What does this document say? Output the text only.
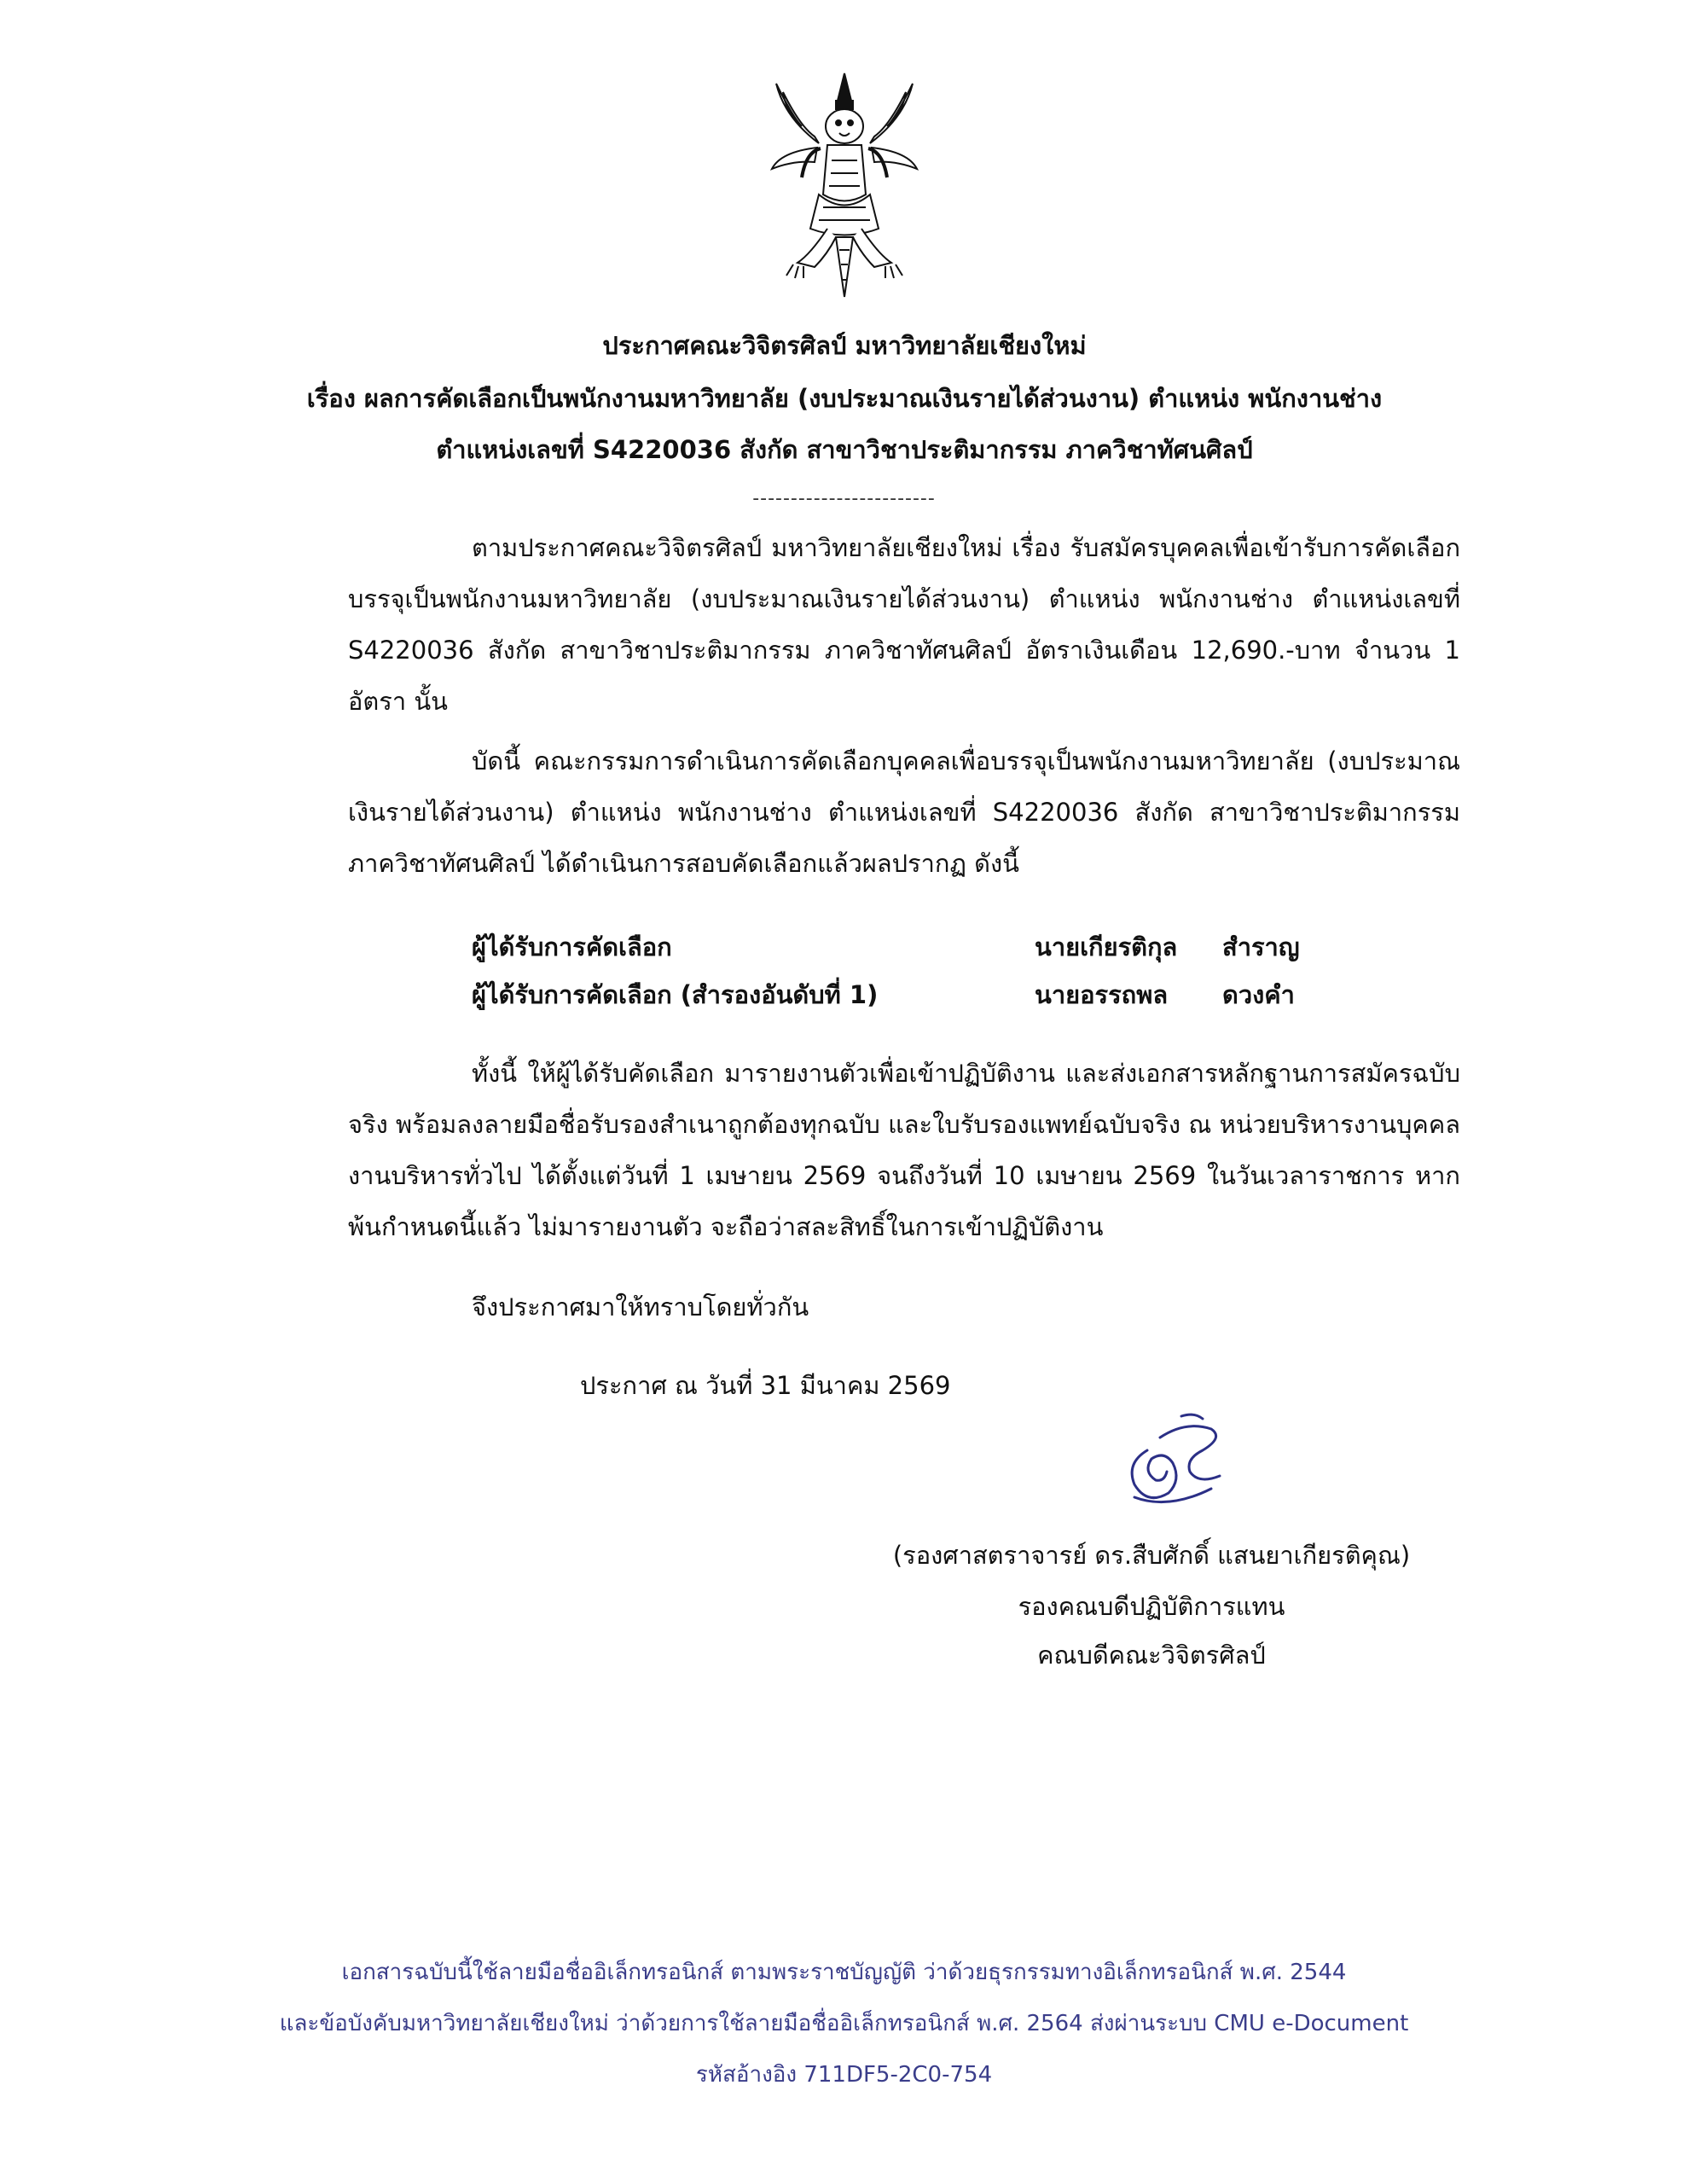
ประกาศคณะวิจิตรศิลป์ มหาวิทยาลัยเชียงใหม่
เรื่อง ผลการคัดเลือกเป็นพนักงานมหาวิทยาลัย (งบประมาณเงินรายได้ส่วนงาน) ตำแหน่ง พนักงานช่าง
ตำแหน่งเลขที่ S4220036 สังกัด สาขาวิชาประติมากรรม ภาควิชาทัศนศิลป์
------------------------
ตามประกาศคณะวิจิตรศิลป์ มหาวิทยาลัยเชียงใหม่ เรื่อง รับสมัครบุคคลเพื่อเข้ารับการคัดเลือกบรรจุเป็นพนักงานมหาวิทยาลัย (งบประมาณเงินรายได้ส่วนงาน) ตำแหน่ง พนักงานช่าง ตำแหน่งเลขที่ S4220036 สังกัด สาขาวิชาประติมากรรม ภาควิชาทัศนศิลป์ อัตราเงินเดือน 12,690.-บาท จำนวน 1 อัตรา นั้น
บัดนี้ คณะกรรมการดำเนินการคัดเลือกบุคคลเพื่อบรรจุเป็นพนักงานมหาวิทยาลัย (งบประมาณเงินรายได้ส่วนงาน) ตำแหน่ง พนักงานช่าง ตำแหน่งเลขที่ S4220036 สังกัด สาขาวิชาประติมากรรม ภาควิชาทัศนศิลป์ ได้ดำเนินการสอบคัดเลือกแล้วผลปรากฏ ดังนี้
ผู้ได้รับการคัดเลือก	นายเกียรติกุล	สำราญ
ผู้ได้รับการคัดเลือก (สำรองอันดับที่ 1)	นายอรรถพล	ดวงคำ
ทั้งนี้ ให้ผู้ได้รับคัดเลือก มารายงานตัวเพื่อเข้าปฏิบัติงาน และส่งเอกสารหลักฐานการสมัครฉบับจริง พร้อมลงลายมือชื่อรับรองสำเนาถูกต้องทุกฉบับ และใบรับรองแพทย์ฉบับจริง ณ หน่วยบริหารงานบุคคล งานบริหารทั่วไป ได้ตั้งแต่วันที่ 1 เมษายน 2569 จนถึงวันที่ 10 เมษายน 2569 ในวันเวลาราชการ หากพ้นกำหนดนี้แล้ว ไม่มารายงานตัว จะถือว่าสละสิทธิ์ในการเข้าปฏิบัติงาน
จึงประกาศมาให้ทราบโดยทั่วกัน
ประกาศ ณ วันที่ 31 มีนาคม 2569
(รองศาสตราจารย์ ดร.สืบศักดิ์ แสนยาเกียรติคุณ)
รองคณบดีปฏิบัติการแทน
คณบดีคณะวิจิตรศิลป์
เอกสารฉบับนี้ใช้ลายมือชื่ออิเล็กทรอนิกส์ ตามพระราชบัญญัติ ว่าด้วยธุรกรรมทางอิเล็กทรอนิกส์ พ.ศ. 2544
และข้อบังคับมหาวิทยาลัยเชียงใหม่ ว่าด้วยการใช้ลายมือชื่ออิเล็กทรอนิกส์ พ.ศ. 2564 ส่งผ่านระบบ CMU e-Document
รหัสอ้างอิง 711DF5-2C0-754
